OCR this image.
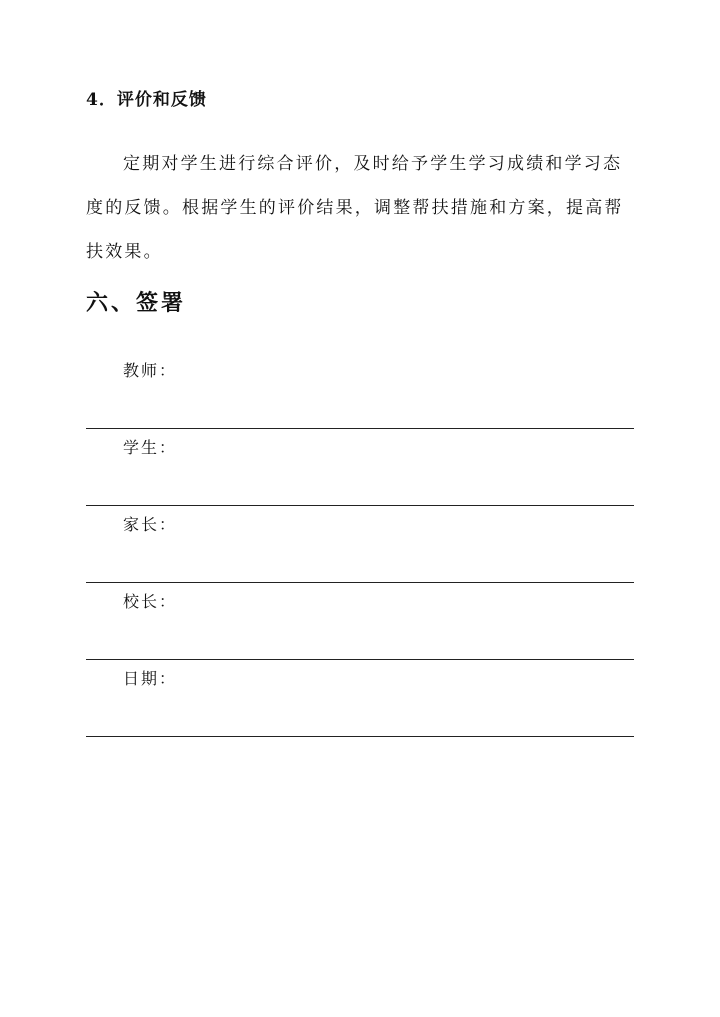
4．评价和反馈

定期对学生进行综合评价，及时给予学生学习成绩和学习态度的反馈。根据学生的评价结果，调整帮扶措施和方案，提高帮扶效果。

六、签署
教师：
学生：
家长：
校长：
日期：
